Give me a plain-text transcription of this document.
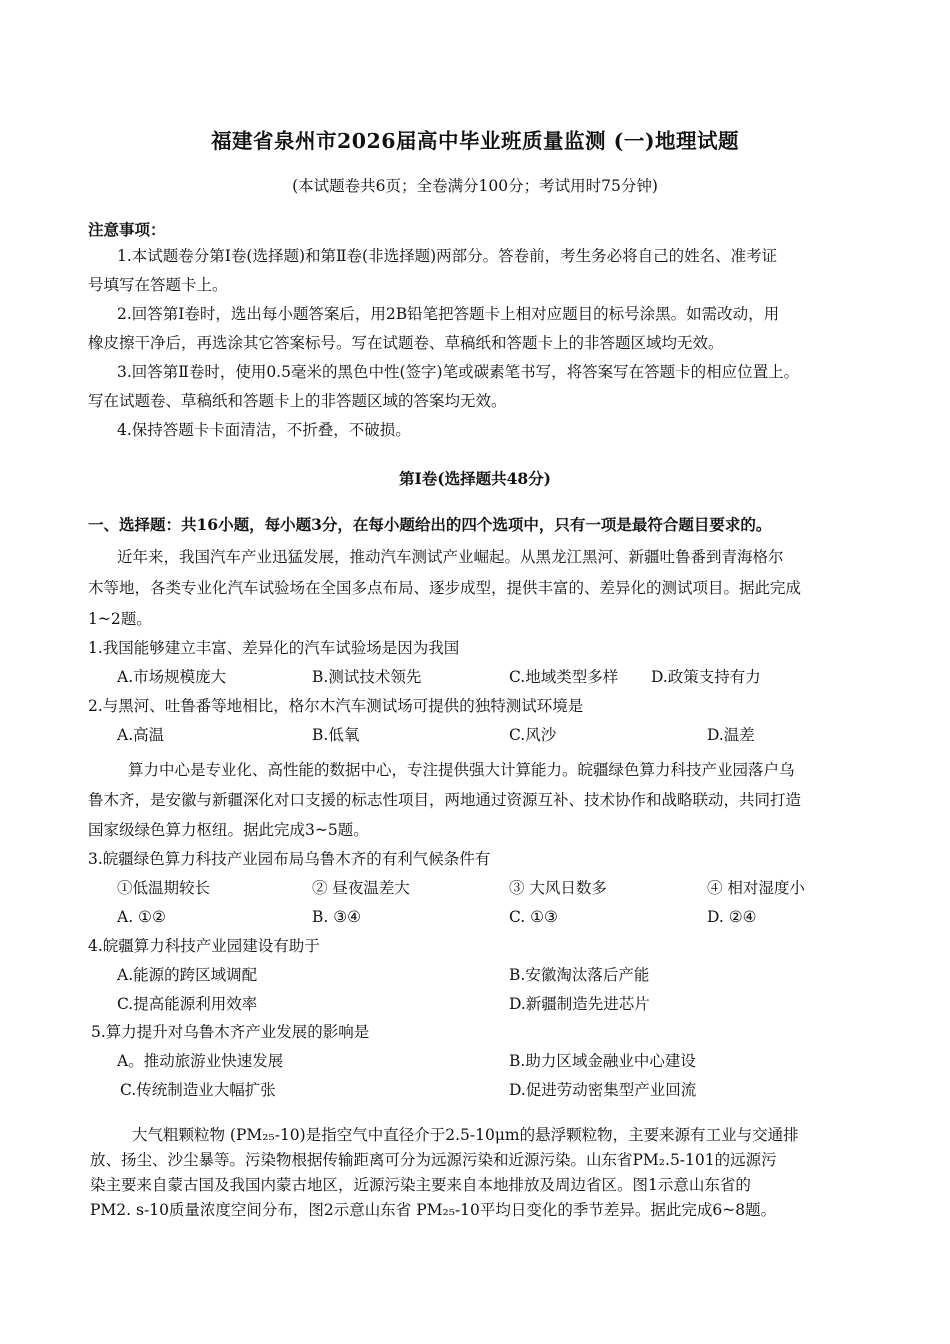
福建省泉州市2026届高中毕业班质量监测 (一)地理试题
(本试题卷共6页；全卷满分100分；考试用时75分钟)
注意事项：
1.本试题卷分第I卷(选择题)和第Ⅱ卷(非选择题)两部分。答卷前，考生务必将自己的姓名、准考证
号填写在答题卡上。
2.回答第Ⅰ卷时，选出每小题答案后，用2B铅笔把答题卡上相对应题目的标号涂黑。如需改动，用
橡皮擦干净后，再选涂其它答案标号。写在试题卷、草稿纸和答题卡上的非答题区域均无效。
3.回答第Ⅱ卷时，使用0.5毫米的黑色中性(签字)笔或碳素笔书写，将答案写在答题卡的相应位置上。
写在试题卷、草稿纸和答题卡上的非答题区域的答案均无效。
4.保持答题卡卡面清洁，不折叠，不破损。
第Ⅰ卷(选择题共48分)
一、选择题：共16小题，每小题3分，在每小题给出的四个选项中，只有一项是最符合题目要求的。
近年来，我国汽车产业迅猛发展，推动汽车测试产业崛起。从黑龙江黑河、新疆吐鲁番到青海格尔
木等地，各类专业化汽车试验场在全国多点布局、逐步成型，提供丰富的、差异化的测试项目。据此完成
1~2题。
1.我国能够建立丰富、差异化的汽车试验场是因为我国
A.市场规模庞大	B.测试技术领先	C.地域类型多样 D.政策支持有力
2.与黑河、吐鲁番等地相比，格尔木汽车测试场可提供的独特测试环境是
A.高温	B.低氧	C.风沙	D.温差
算力中心是专业化、高性能的数据中心，专注提供强大计算能力。皖疆绿色算力科技产业园落户乌
鲁木齐，是安徽与新疆深化对口支援的标志性项目，两地通过资源互补、技术协作和战略联动，共同打造
国家级绿色算力枢纽。据此完成3~5题。
3.皖疆绿色算力科技产业园布局乌鲁木齐的有利气候条件有
①低温期较长	② 昼夜温差大	③ 大风日数多	④ 相对湿度小
A. ①②	B. ③④	C. ①③	D. ②④
4.皖疆算力科技产业园建设有助于
A.能源的跨区域调配	B.安徽淘汰落后产能
C.提高能源利用效率	D.新疆制造先进芯片
5.算力提升对乌鲁木齐产业发展的影响是
A。推动旅游业快速发展	B.助力区域金融业中心建设
C.传统制造业大幅扩张	D.促进劳动密集型产业回流
大气粗颗粒物 (PM₂₅-10)是指空气中直径介于2.5-10μm的悬浮颗粒物，主要来源有工业与交通排
放、扬尘、沙尘暴等。污染物根据传输距离可分为远源污染和近源污染。山东省PM₂.5-101的远源污
染主要来自蒙古国及我国内蒙古地区，近源污染主要来自本地排放及周边省区。图1示意山东省的
PM2. s-10质量浓度空间分布，图2示意山东省 PM₂₅-10平均日变化的季节差异。据此完成6~8题。
